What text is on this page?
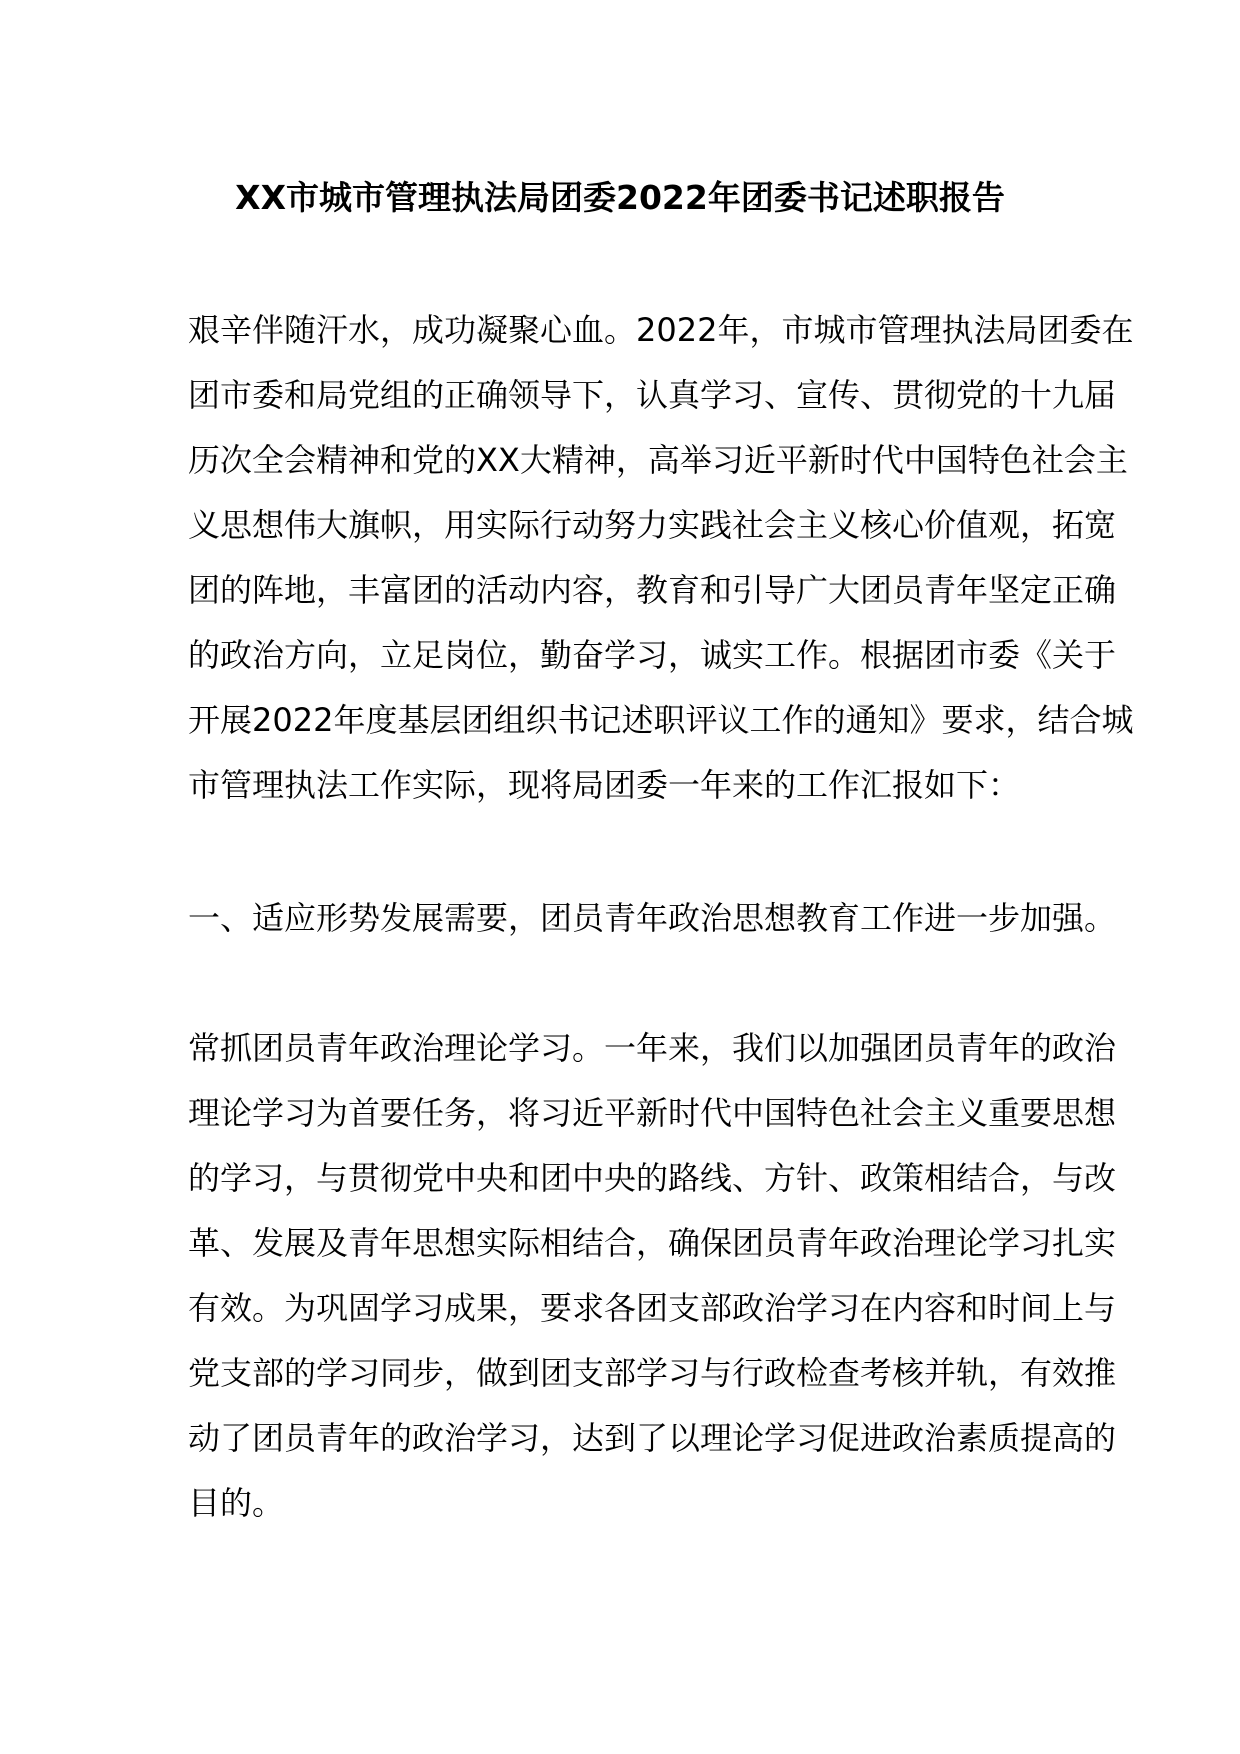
XX市城市管理执法局团委2022年团委书记述职报告
艰辛伴随汗水，成功凝聚心血。2022年，市城市管理执法局团委在
团市委和局党组的正确领导下，认真学习、宣传、贯彻党的十九届
历次全会精神和党的XX大精神，高举习近平新时代中国特色社会主
义思想伟大旗帜，用实际行动努力实践社会主义核心价值观，拓宽
团的阵地，丰富团的活动内容，教育和引导广大团员青年坚定正确
的政治方向，立足岗位，勤奋学习，诚实工作。根据团市委《关于
开展2022年度基层团组织书记述职评议工作的通知》要求，结合城
市管理执法工作实际，现将局团委一年来的工作汇报如下：
一、适应形势发展需要，团员青年政治思想教育工作进一步加强。
常抓团员青年政治理论学习。一年来，我们以加强团员青年的政治
理论学习为首要任务，将习近平新时代中国特色社会主义重要思想
的学习，与贯彻党中央和团中央的路线、方针、政策相结合，与改
革、发展及青年思想实际相结合，确保团员青年政治理论学习扎实
有效。为巩固学习成果，要求各团支部政治学习在内容和时间上与
党支部的学习同步，做到团支部学习与行政检查考核并轨，有效推
动了团员青年的政治学习，达到了以理论学习促进政治素质提高的
目的。
